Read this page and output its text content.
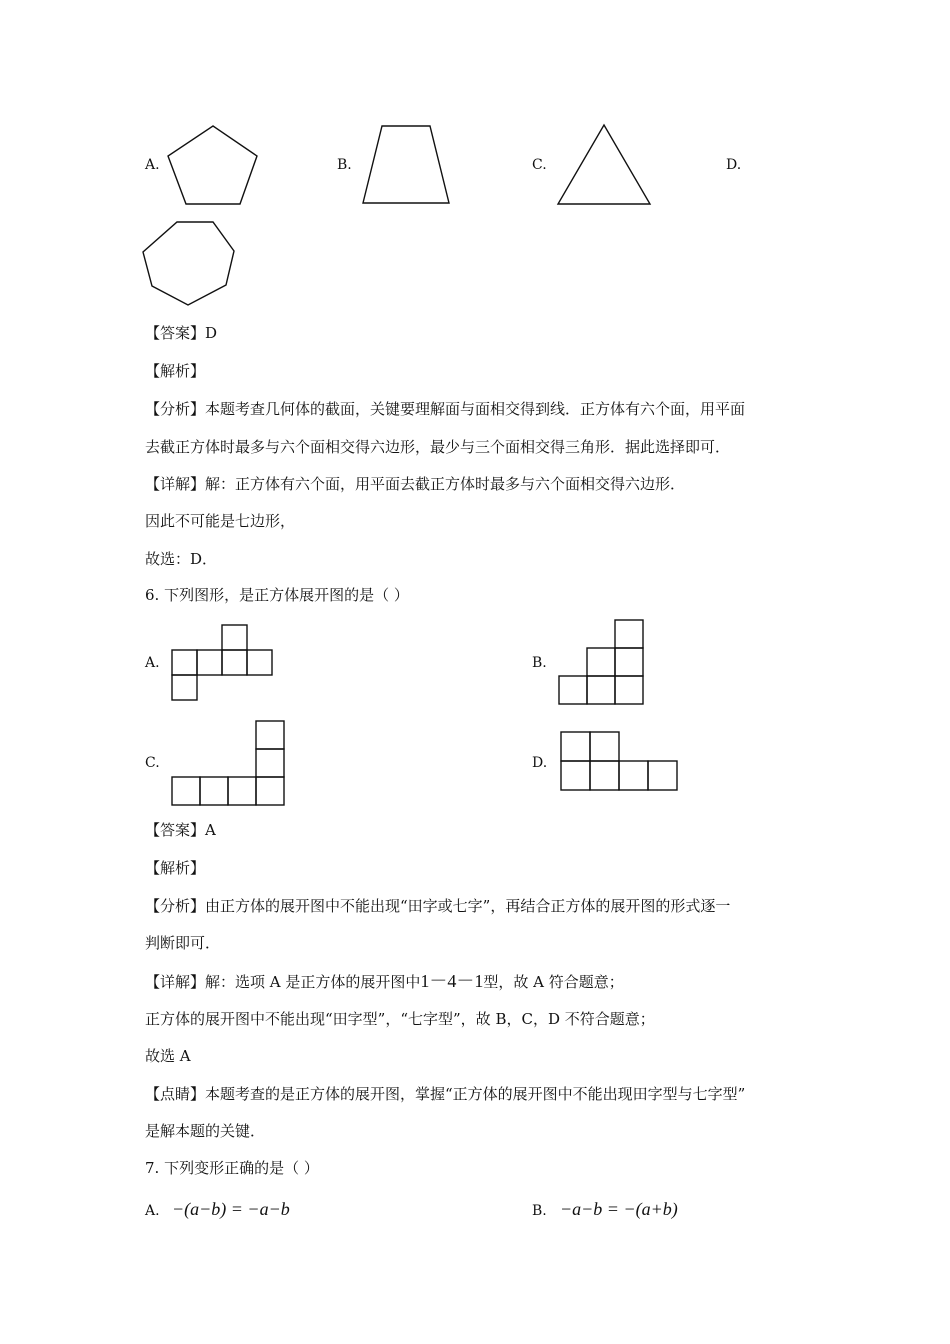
A.	B.	C.	D.
【答案】D
【解析】
【分析】本题考查几何体的截面，关键要理解面与面相交得到线．正方体有六个面，用平面
去截正方体时最多与六个面相交得六边形，最少与三个面相交得三角形．据此选择即可．
【详解】解：正方体有六个面，用平面去截正方体时最多与六个面相交得六边形．
因此不可能是七边形，
故选：D．
6. 下列图形，是正方体展开图的是（ ）
A.	B.
C.	D.
【答案】A
【解析】
【分析】由正方体的展开图中不能出现“田字或七字”，再结合正方体的展开图的形式逐一
判断即可．
【详解】解：选项 A 是正方体的展开图中1－4－1型，故 A 符合题意；
正方体的展开图中不能出现“田字型”，“七字型”，故 B，C，D 不符合题意；
故选 A
【点睛】本题考查的是正方体的展开图，掌握“正方体的展开图中不能出现田字型与七字型”
是解本题的关键．
7. 下列变形正确的是（ ）
A. −(a−b) = −a−b	B. −a−b = −(a+b)
